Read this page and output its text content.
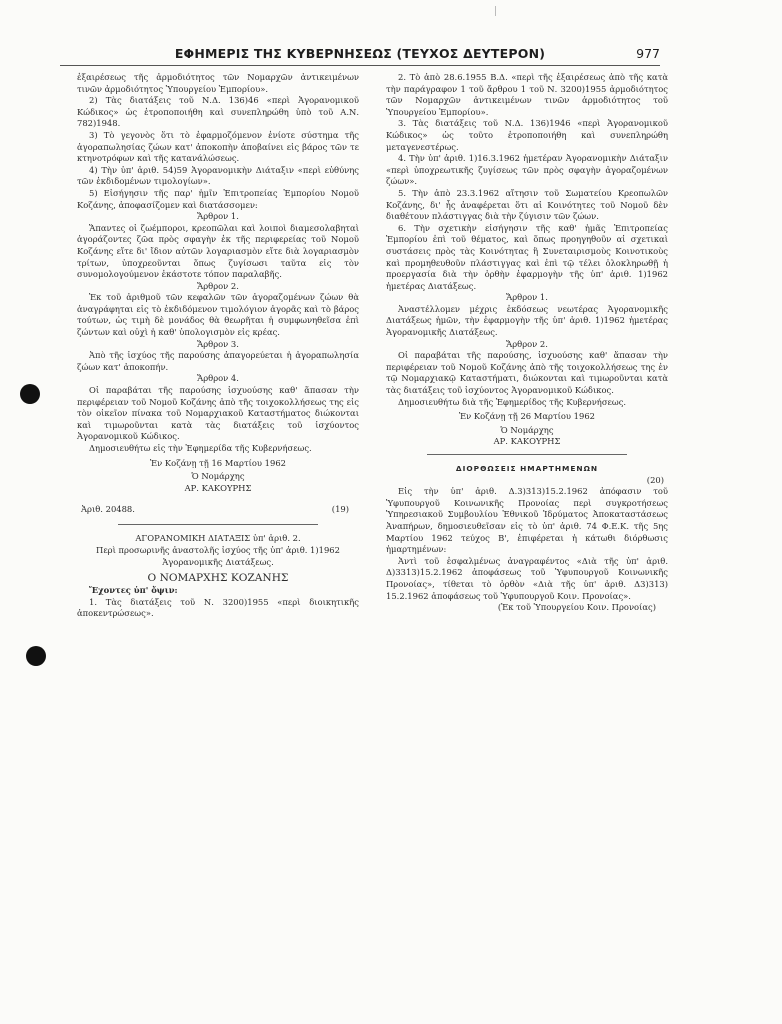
ΕΦΗΜΕΡΙΣ ΤΗΣ ΚΥΒΕΡΝΗΣΕΩΣ (ΤΕΥΧΟΣ ΔΕΥΤΕΡΟΝ)	977

ἐξαιρέσεως τῆς ἀρμοδιότητος τῶν Νομαρχῶν ἀντικειμένων τινῶν ἀρμοδιότητος Ὑπουργείου Ἐμπορίου».

2) Τὰς διατάξεις τοῦ Ν.Δ. 136)46 «περὶ Ἀγορανομικοῦ Κώδικος» ὡς ἐτροποποιήθη καὶ συνεπληρώθη ὑπὸ τοῦ Α.Ν. 782)1948.

3) Τὸ γεγονὸς ὅτι τὸ ἐφαρμοζόμενον ἐνίοτε σύστημα τῆς ἀγοραπωλησίας ζώων κατ' ἀποκοπὴν ἀποβαίνει εἰς βάρος τῶν τε κτηνοτρόφων καὶ τῆς κατανάλώσεως.

4) Τὴν ὑπ' ἀριθ. 54)59 Ἀγορανομικὴν Διάταξιν «περὶ εὐθύνης τῶν ἐκδιδομένων τιμολογίων».

5) Εἰσήγησιν τῆς παρ' ἡμῖν Ἐπιτροπείας Ἐμπορίου Νομοῦ Κοζάνης, ἀποφασίζομεν καὶ διατάσσομεν:

Ἄρθρον 1.

Ἅπαντες οἱ ζωέμποροι, κρεοπῶλαι καὶ λοιποὶ διαμεσολαβηταὶ ἀγοράζοντες ζῶα πρὸς σφαγὴν ἐκ τῆς περιφερείας τοῦ Νομοῦ Κοζάνης εἴτε δι' ἴδιον αὐτῶν λογαριασμὸν εἴτε διὰ λογαριασμὸν τρίτων, ὑποχρεοῦνται ὅπως ζυγίσωσι ταῦτα εἰς τὸν συνομολογούμενον ἑκάστοτε τόπον παραλαβῆς.

Ἄρθρον 2.

Ἐκ τοῦ ἀριθμοῦ τῶν κεφαλῶν τῶν ἀγοραζομένων ζώων θὰ ἀναγράφηται εἰς τὸ ἐκδιδόμενον τιμολόγιον ἀγορᾶς καὶ τὸ βάρος τούτων, ὡς τιμὴ δὲ μονάδος θὰ θεωρῆται ἡ συμφωνηθεῖσα ἐπὶ ζώντων καὶ οὐχὶ ἡ καθ' ὑπολογισμὸν εἰς κρέας.

Ἄρθρον 3.

Ἀπὸ τῆς ἰσχύος τῆς παρούσης ἀπαγορεύεται ἡ ἀγοραπωλησία ζώων κατ' ἀποκοπήν.

Ἄρθρον 4.

Οἱ παραβάται τῆς παρούσης ἰσχυούσης καθ' ἅπασαν τὴν περιφέρειαν τοῦ Νομοῦ Κοζάνης ἀπὸ τῆς τοιχοκολλήσεως της εἰς τὸν οἰκεῖον πίνακα τοῦ Νομαρχιακοῦ Καταστήματος διώκονται καὶ τιμωροῦνται κατὰ τὰς διατάξεις τοῦ ἰσχύοντος Ἀγορανομικοῦ Κώδικος.

Δημοσιευθήτω εἰς τὴν Ἐφημερίδα τῆς Κυβερνήσεως.

Ἐν Κοζάνῃ τῇ 16 Μαρτίου 1962

Ὁ Νομάρχης

ΑΡ. ΚΑΚΟΥΡΗΣ

Ἀριθ. 20488.	(19)

ΑΓΟΡΑΝΟΜΙΚΗ ΔΙΑΤΑΞΙΣ ὑπ' ἀριθ. 2.

Περὶ προσωρινῆς ἀναστολῆς ἰσχύος τῆς ὑπ' ἀριθ. 1)1962 Ἀγορανομικῆς Διατάξεως.

Ο ΝΟΜΑΡΧΗΣ ΚΟΖΑΝΗΣ

Ἔχοντες ὑπ' ὄψιν:

1. Τὰς διατάξεις τοῦ Ν. 3200)1955 «περὶ διοικητικῆς ἀποκεντρώσεως».

2. Τὸ ἀπὸ 28.6.1955 Β.Δ. «περὶ τῆς ἐξαιρέσεως ἀπὸ τῆς κατὰ τὴν παράγραφον 1 τοῦ ἄρθρου 1 τοῦ Ν. 3200)1955 ἀρμοδιότητος τῶν Νομαρχῶν ἀντικειμένων τινῶν ἀρμοδιότητος τοῦ Ὑπουργείου Ἐμπορίου».

3. Τὰς διατάξεις τοῦ Ν.Δ. 136)1946 «περὶ Ἀγορανομικοῦ Κώδικος» ὡς τοῦτο ἐτροποποιήθη καὶ συνεπληρώθη μεταγενεστέρως.

4. Τὴν ὑπ' ἀριθ. 1)16.3.1962 ἡμετέραν Ἀγορανομικὴν Διάταξιν «περὶ ὑποχρεωτικῆς ζυγίσεως τῶν πρὸς σφαγὴν ἀγοραζομένων ζώων».

5. Τὴν ἀπὸ 23.3.1962 αἴτησιν τοῦ Σωματείου Κρεοπωλῶν Κοζάνης, δι' ἧς ἀναφέρεται ὅτι αἱ Κοινότητες τοῦ Νομοῦ δὲν διαθέτουν πλάστιγγας διὰ τὴν ζύγισιν τῶν ζώων.

6. Τὴν σχετικὴν εἰσήγησιν τῆς καθ' ἡμᾶς Ἐπιτροπείας Ἐμπορίου ἐπὶ τοῦ θέματος, καὶ ὅπως προηγηθοῦν αἱ σχετικαὶ συστάσεις πρὸς τὰς Κοινότητας ἢ Συνεταιρισμοὺς Κοινοτικοὺς καὶ προμηθευθοῦν πλάστιγγας καὶ ἐπὶ τῷ τέλει ὁλοκληρωθῇ ἡ προεργασία διὰ τὴν ὀρθὴν ἐφαρμογὴν τῆς ὑπ' ἀριθ. 1)1962 ἡμετέρας Διατάξεως.

Ἄρθρον 1.

Ἀναστέλλομεν μέχρις ἐκδόσεως νεωτέρας Ἀγορανομικῆς Διατάξεως ἡμῶν, τὴν ἐφαρμογὴν τῆς ὑπ' ἀριθ. 1)1962 ἡμετέρας Ἀγορανομικῆς Διατάξεως.

Ἄρθρον 2.

Οἱ παραβάται τῆς παρούσης, ἰσχυούσης καθ' ἅπασαν τὴν περιφέρειαν τοῦ Νομοῦ Κοζάνης ἀπὸ τῆς τοιχοκολλήσεως της ἐν τῷ Νομαρχιακῷ Καταστήματι, διώκονται καὶ τιμωροῦνται κατὰ τὰς διατάξεις τοῦ ἰσχύοντος Ἀγορανομικοῦ Κώδικος.

Δημοσιευθήτω διὰ τῆς Ἐφημερίδος τῆς Κυβερνήσεως.

Ἐν Κοζάνῃ τῇ 26 Μαρτίου 1962

Ὁ Νομάρχης

ΑΡ. ΚΑΚΟΥΡΗΣ

ΔΙΟΡΘΩΣΕΙΣ ΗΜΑΡΤΗΜΕΝΩΝ

(20)

Εἰς τὴν ὑπ' ἀριθ. Δ.3)313)15.2.1962 ἀπόφασιν τοῦ Ὑφυπουργοῦ Κοινωνικῆς Προνοίας περὶ συγκροτήσεως Ὑπηρεσιακοῦ Συμβουλίου Ἐθνικοῦ Ἱδρύματος Ἀποκαταστάσεως Ἀναπήρων, δημοσιευθεῖσαν εἰς τὸ ὑπ' ἀριθ. 74 Φ.Ε.Κ. τῆς 5ης Μαρτίου 1962 τεύχος Β', ἐπιφέρεται ἡ κάτωθι διόρθωσις ἡμαρτημένων:

Ἀντὶ τοῦ ἐσφαλμένως ἀναγραφέντος «Διὰ τῆς ὑπ' ἀριθ. Δ)3313)15.2.1962 ἀποφάσεως τοῦ Ὑφυπουργοῦ Κοινωνικῆς Προνοίας», τίθεται τὸ ὀρθὸν «Διὰ τῆς ὑπ' ἀριθ. Δ3)313) 15.2.1962 ἀποφάσεως τοῦ Ὑφυπουργοῦ Κοιν. Προνοίας».

(Ἐκ τοῦ Ὑπουργείου Κοιν. Προνοίας)
